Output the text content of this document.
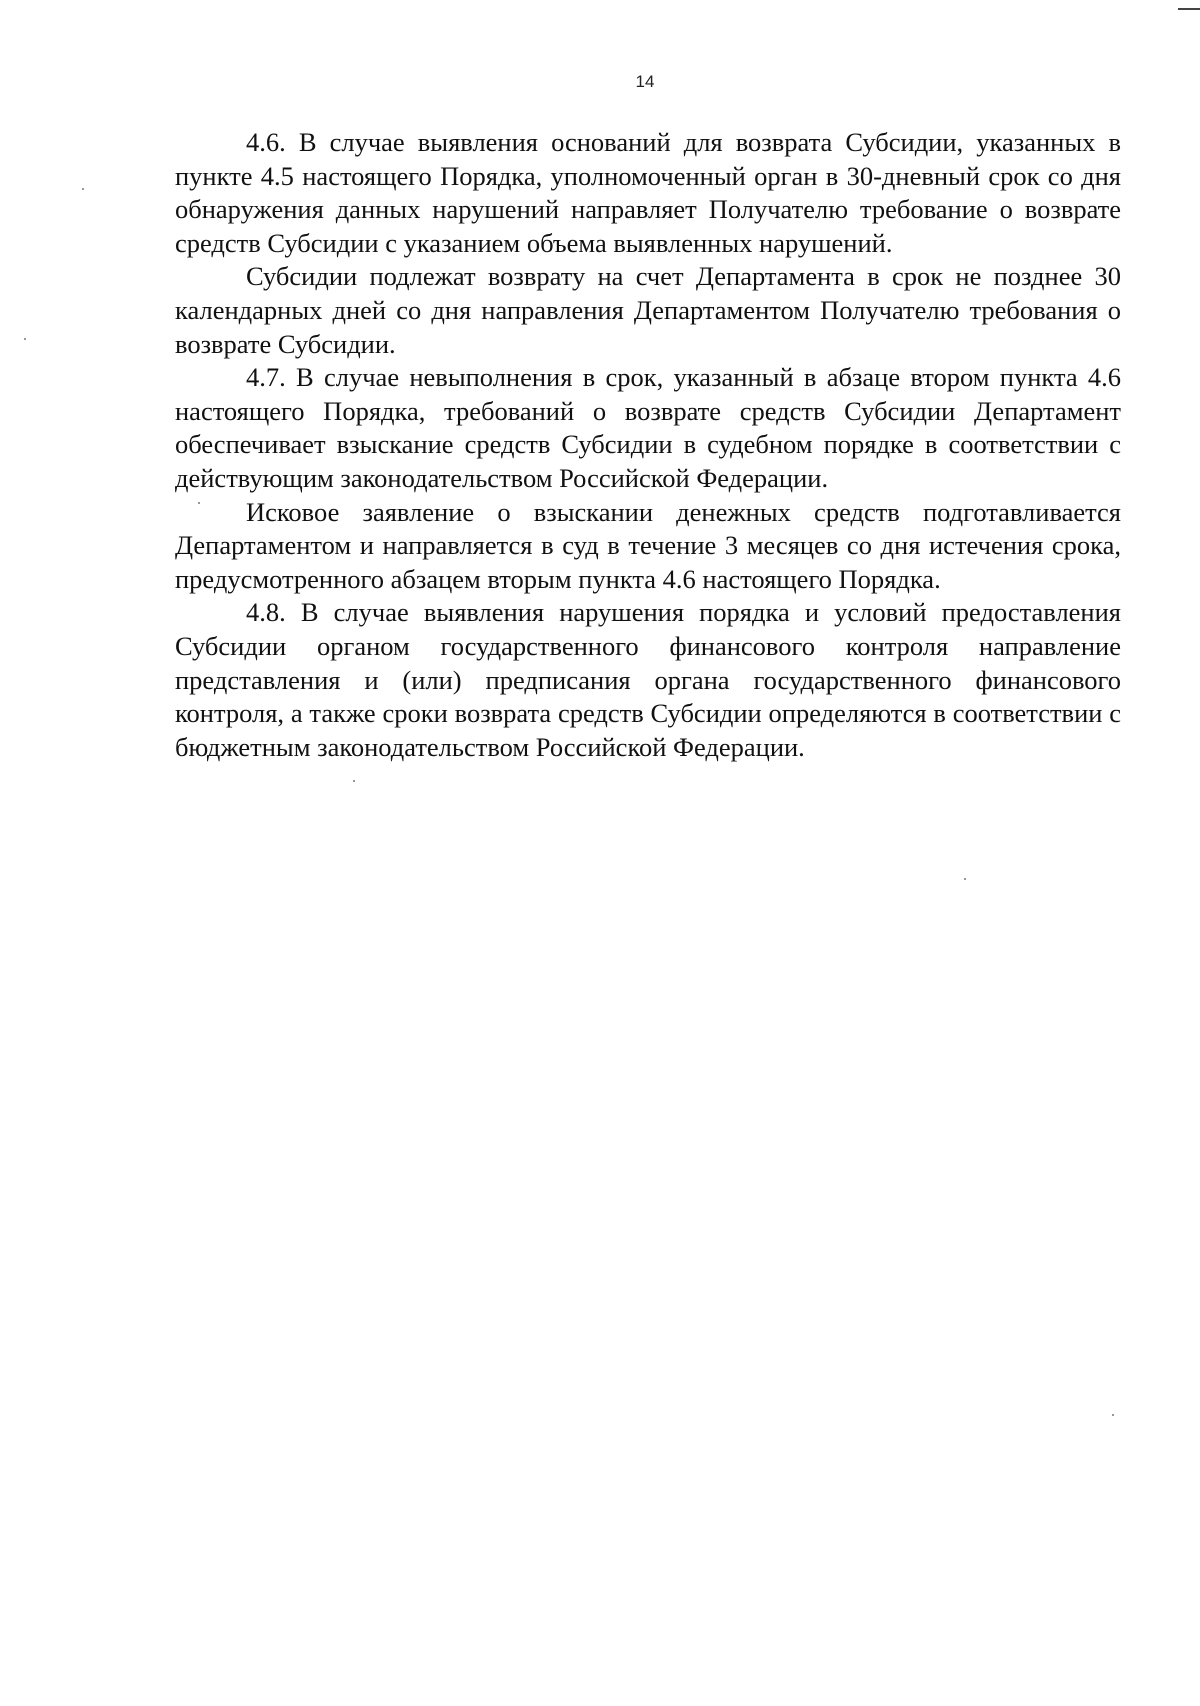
14

4.6. В случае выявления оснований для возврата Субсидии, указанных в пункте 4.5 настоящего Порядка, уполномоченный орган в 30-дневный срок со дня обнаружения данных нарушений направляет Получателю требование о возврате средств Субсидии с указанием объема выявленных нарушений.

Субсидии подлежат возврату на счет Департамента в срок не позднее 30 календарных дней со дня направления Департаментом Получателю требования о возврате Субсидии.

4.7. В случае невыполнения в срок, указанный в абзаце втором пункта 4.6 настоящего Порядка, требований о возврате средств Субсидии Департамент обеспечивает взыскание средств Субсидии в судебном порядке в соответствии с действующим законодательством Российской Федерации.

Исковое заявление о взыскании денежных средств подготавливается Департаментом и направляется в суд в течение 3 месяцев со дня истечения срока, предусмотренного абзацем вторым пункта 4.6 настоящего Порядка.

4.8. В случае выявления нарушения порядка и условий предоставления Субсидии органом государственного финансового контроля направление представления и (или) предписания органа государственного финансового контроля, а также сроки возврата средств Субсидии определяются в соответствии с бюджетным законодательством Российской Федерации.
